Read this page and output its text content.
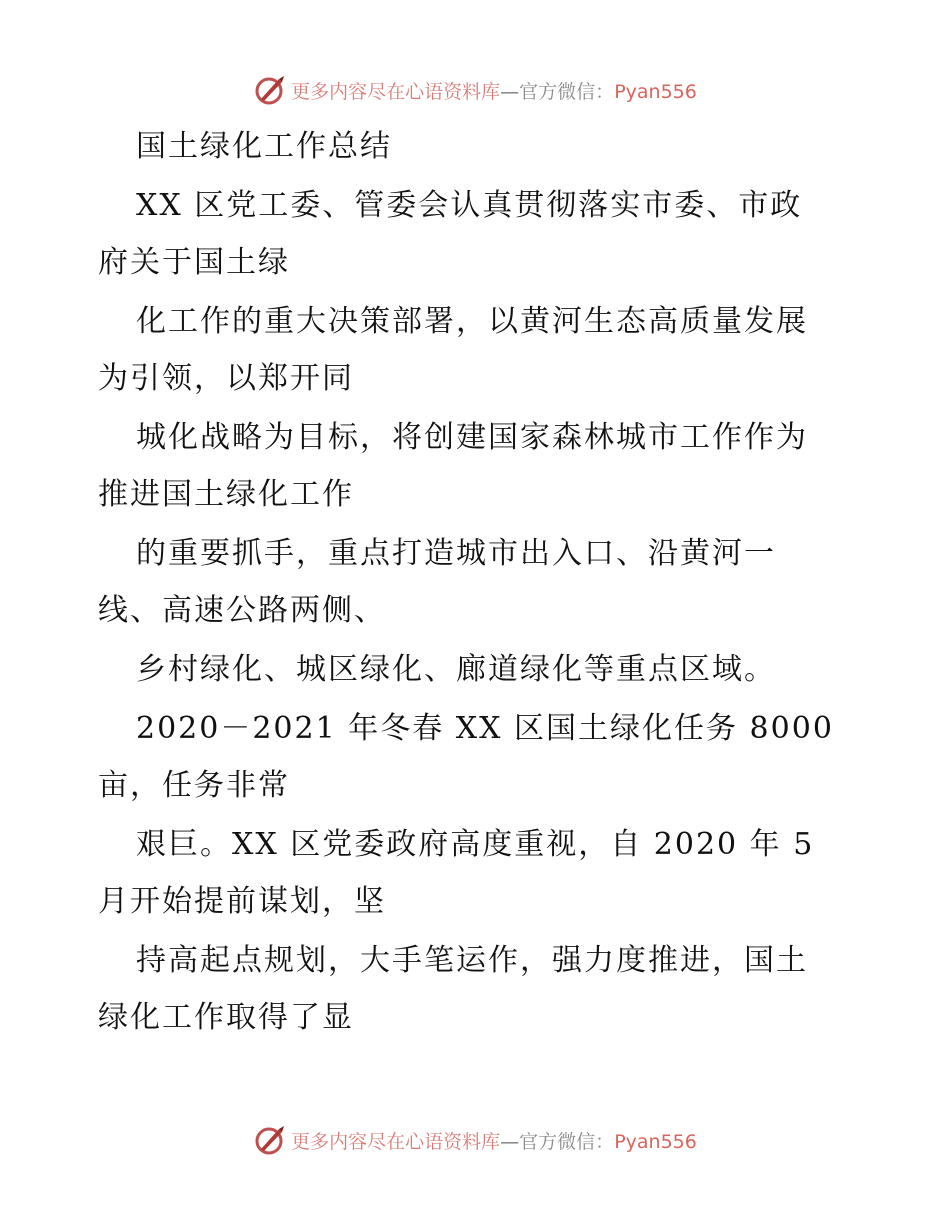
更多内容尽在心语资料库—官方微信：Pyan556
国土绿化工作总结
XX 区党工委、管委会认真贯彻落实市委、市政
府关于国土绿
化工作的重大决策部署，以黄河生态高质量发展
为引领，以郑开同
城化战略为目标，将创建国家森林城市工作作为
推进国土绿化工作
的重要抓手，重点打造城市出入口、沿黄河一
线、高速公路两侧、
乡村绿化、城区绿化、廊道绿化等重点区域。
2020－2021 年冬春 XX 区国土绿化任务 8000
亩，任务非常
艰巨。XX 区党委政府高度重视，自 2020 年 5
月开始提前谋划，坚
持高起点规划，大手笔运作，强力度推进，国土
绿化工作取得了显
更多内容尽在心语资料库—官方微信：Pyan556
